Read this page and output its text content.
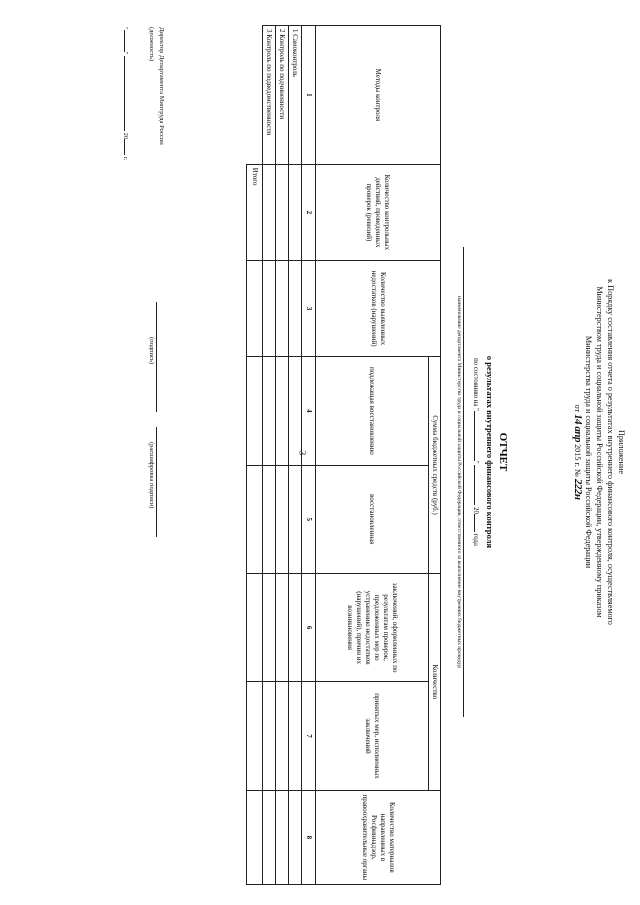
3	Приложение
к Порядку составления отчета о результатах внутреннего финансового контроля, осуществляемого
Министерством труда и социальной защиты Российской Федерации, утвержденному приказом
Министерства труда и социальной защиты Российской Федерации
от 14 апр 2015 г. № 222н
ОТЧЕТ
о результатах внутреннего финансового контроля
по состоянию на ""  20 года
наименование департамента Министерства труда и социальной защиты Российской Федерации, ответственного за выполнение внутренних бюджетных процедур
Методы контроля	Количество контрольных действий, проведенных проверок (ревизий)	Количество выявленных недостатков (нарушений)	Сумма бюджетных средств (руб.)		Количество		Количество материалов направленных в Росфиннадзор, правоохранительные органы
			подлежащая восстановлению	восстановленная	заключений, оформленных по результатам проверок, предложенных мер по устранению недостатков (нарушений), причин их возникновения	принятых мер, исполненных заключений	
1	2	3	4	5	6	7	8
1 Самоконтроль							
2 Контроль по подчиненности							
3 Контроль по подведомственности							
	Итого						
Директор Департамента Минтруда России
(должность)
(подпись)
(расшифровка подписи)
""  20 г.
